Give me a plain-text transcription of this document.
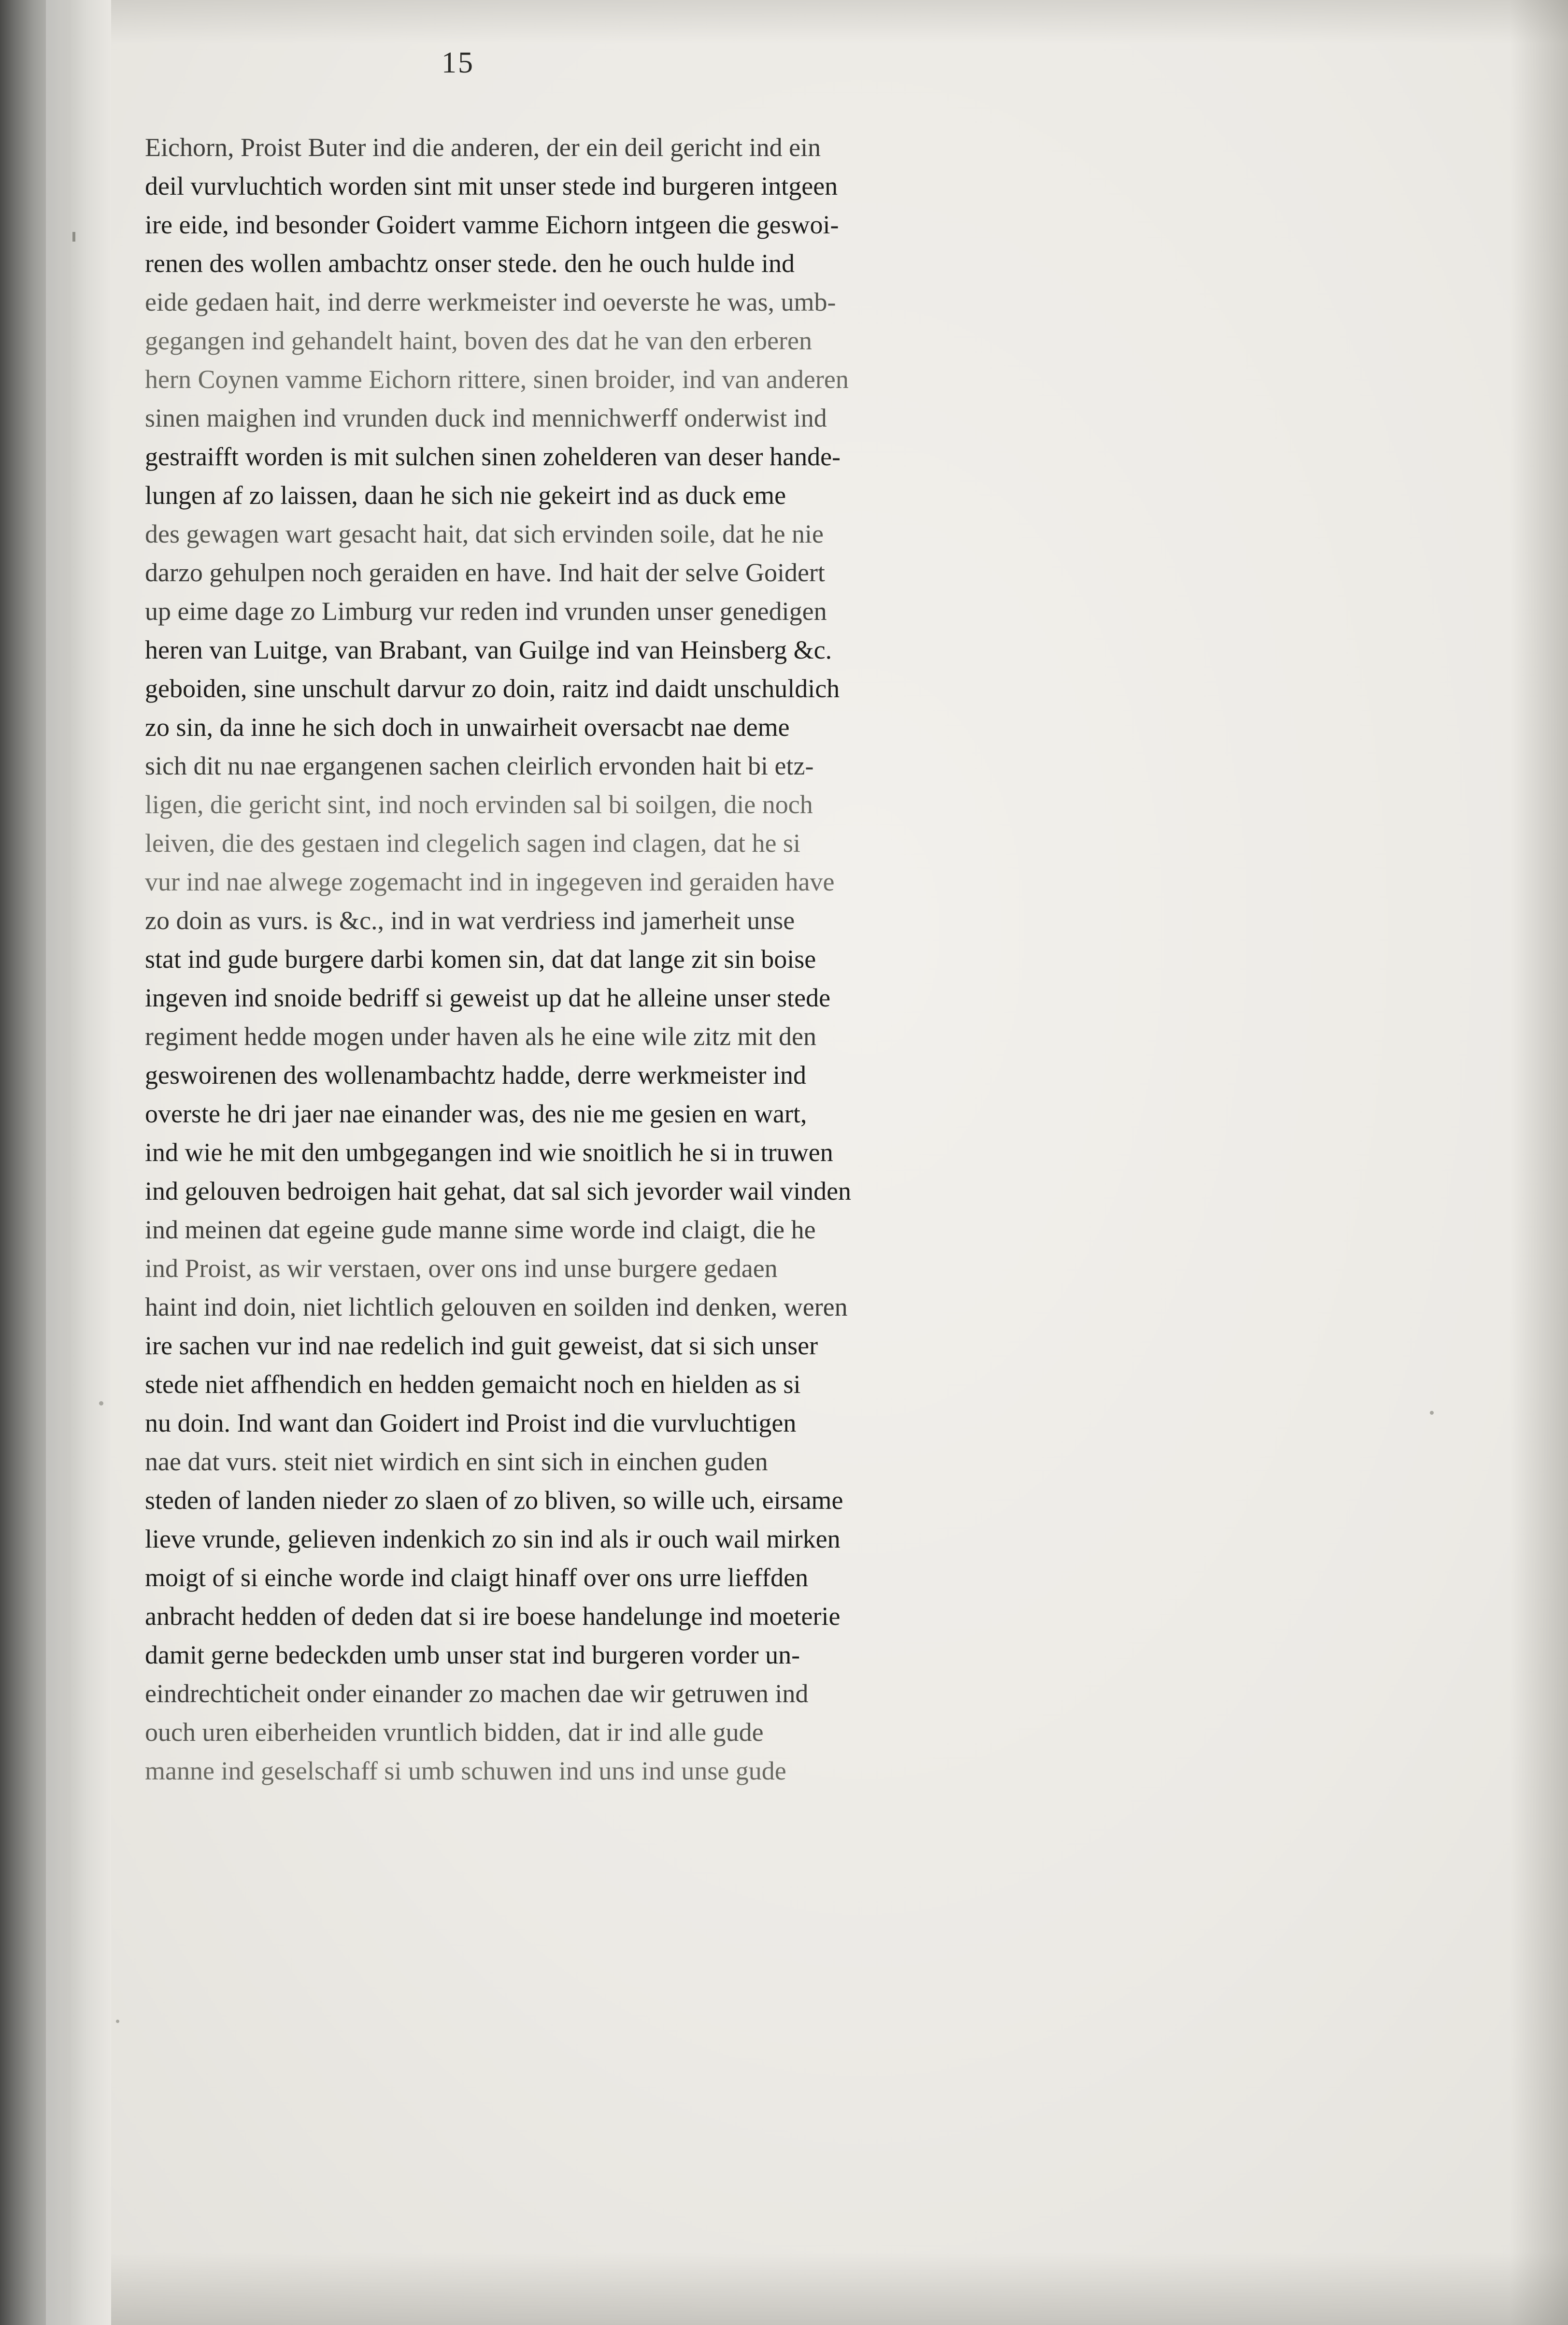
15

Eichorn, Proist Buter ind die anderen, der ein deil gericht ind ein
deil vurvluchtich worden sint mit unser stede ind burgeren intgeen
ire eide, ind besonder Goidert vamme Eichorn intgeen die geswoi-
renen des wollen ambachtz onser stede. den he ouch hulde ind
eide gedaen hait, ind derre werkmeister ind oeverste he was, umb-
gegangen ind gehandelt haint, boven des dat he van den erberen
hern Coynen vamme Eichorn rittere, sinen broider, ind van anderen
sinen maighen ind vrunden duck ind mennichwerff onderwist ind
gestraifft worden is mit sulchen sinen zohelderen van deser hande-
lungen af zo laissen, daan he sich nie gekeirt ind as duck eme
des gewagen wart gesacht hait, dat sich ervinden soile, dat he nie
darzo gehulpen noch geraiden en have. Ind hait der selve Goidert
up eime dage zo Limburg vur reden ind vrunden unser genedigen
heren van Luitge, van Brabant, van Guilge ind van Heinsberg &c.
geboiden, sine unschult darvur zo doin, raitz ind daidt unschuldich
zo sin, da inne he sich doch in unwairheit oversacbt nae deme
sich dit nu nae ergangenen sachen cleirlich ervonden hait bi etz-
ligen, die gericht sint, ind noch ervinden sal bi soilgen, die noch
leiven, die des gestaen ind clegelich sagen ind clagen, dat he si
vur ind nae alwege zogemacht ind in ingegeven ind geraiden have
zo doin as vurs. is &c., ind in wat verdriess ind jamerheit unse
stat ind gude burgere darbi komen sin, dat dat lange zit sin boise
ingeven ind snoide bedriff si geweist up dat he alleine unser stede
regiment hedde mogen under haven als he eine wile zitz mit den
geswoirenen des wollenambachtz hadde, derre werkmeister ind
overste he dri jaer nae einander was, des nie me gesien en wart,
ind wie he mit den umbgegangen ind wie snoitlich he si in truwen
ind gelouven bedroigen hait gehat, dat sal sich jevorder wail vinden
ind meinen dat egeine gude manne sime worde ind claigt, die he
ind Proist, as wir verstaen, over ons ind unse burgere gedaen
haint ind doin, niet lichtlich gelouven en soilden ind denken, weren
ire sachen vur ind nae redelich ind guit geweist, dat si sich unser
stede niet affhendich en hedden gemaicht noch en hielden as si
nu doin. Ind want dan Goidert ind Proist ind die vurvluchtigen
nae dat vurs. steit niet wirdich en sint sich in einchen guden
steden of landen nieder zo slaen of zo bliven, so wille uch, eirsame
lieve vrunde, gelieven indenkich zo sin ind als ir ouch wail mirken
moigt of si einche worde ind claigt hinaff over ons urre lieffden
anbracht hedden of deden dat si ire boese handelunge ind moeterie
damit gerne bedeckden umb unser stat ind burgeren vorder un-
eindrechticheit onder einander zo machen dae wir getruwen ind
ouch uren eiberheiden vruntlich bidden, dat ir ind alle gude
manne ind geselschaff si umb schuwen ind uns ind unse gude
